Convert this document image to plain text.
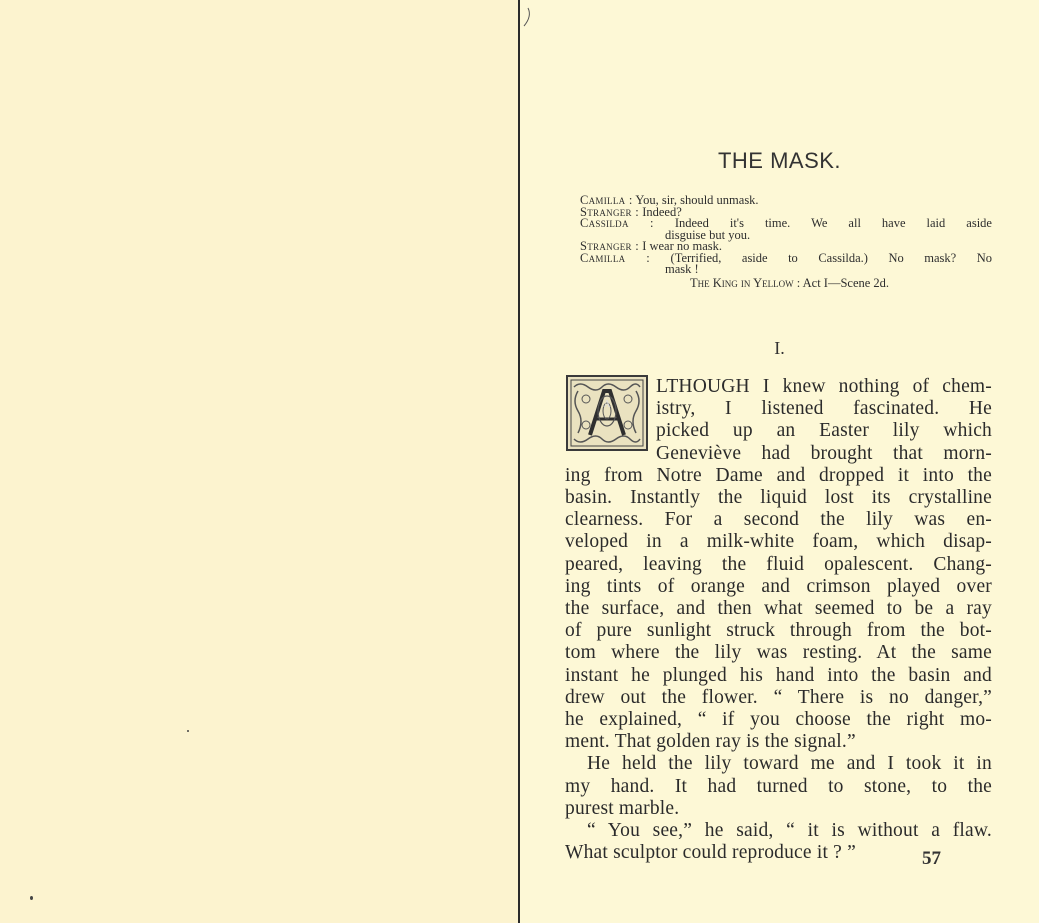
THE MASK.
Camilla : You, sir, should unmask.
Stranger : Indeed?
Cassilda : Indeed it's time. We all have laid aside
disguise but you.
Stranger : I wear no mask.
Camilla : (Terrified, aside to Cassilda.) No mask? No
mask !
The King in Yellow : Act I—Scene 2d.
I.
A
LTHOUGH I knew nothing of chem-
istry, I listened fascinated. He
picked up an Easter lily which
Geneviève had brought that morn-
ing from Notre Dame and dropped it into the
basin. Instantly the liquid lost its crystalline
clearness. For a second the lily was en-
veloped in a milk-white foam, which disap-
peared, leaving the fluid opalescent. Chang-
ing tints of orange and crimson played over
the surface, and then what seemed to be a ray
of pure sunlight struck through from the bot-
tom where the lily was resting. At the same
instant he plunged his hand into the basin and
drew out the flower. “ There is no danger,”
he explained, “ if you choose the right mo-
ment. That golden ray is the signal.”
He held the lily toward me and I took it in
my hand. It had turned to stone, to the
purest marble.
“ You see,” he said, “ it is without a flaw.
What sculptor could reproduce it ? ”	57
